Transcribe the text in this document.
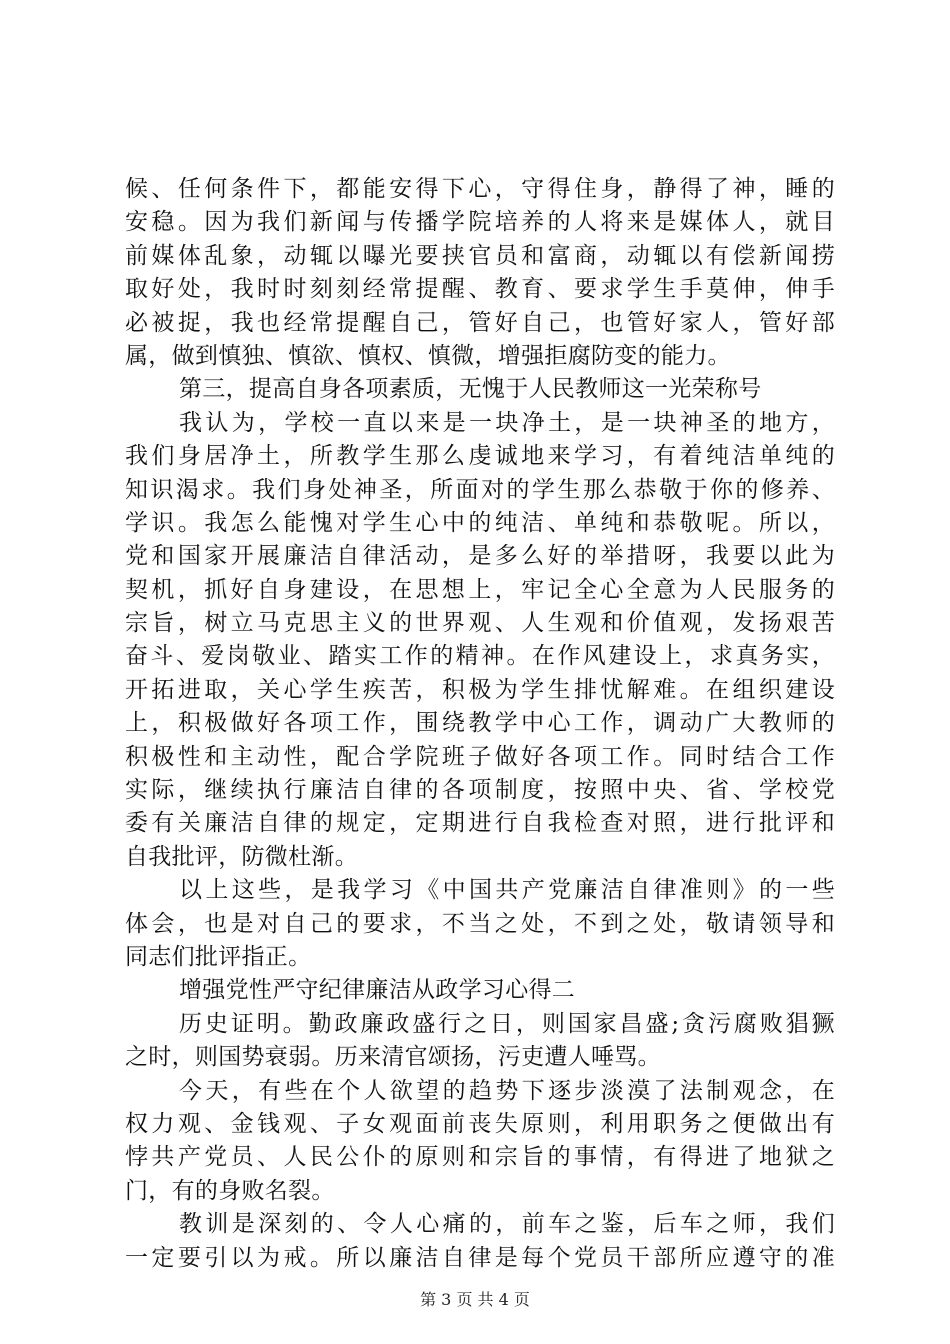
候、任何条件下，都能安得下心，守得住身，静得了神，睡的
安稳。因为我们新闻与传播学院培养的人将来是媒体人，就目
前媒体乱象，动辄以曝光要挟官员和富商，动辄以有偿新闻捞
取好处，我时时刻刻经常提醒、教育、要求学生手莫伸，伸手
必被捉，我也经常提醒自己，管好自己，也管好家人，管好部
属，做到慎独、慎欲、慎权、慎微，增强拒腐防变的能力。
第三，提高自身各项素质，无愧于人民教师这一光荣称号
我认为，学校一直以来是一块净土，是一块神圣的地方，
我们身居净土，所教学生那么虔诚地来学习，有着纯洁单纯的
知识渴求。我们身处神圣，所面对的学生那么恭敬于你的修养、
学识。我怎么能愧对学生心中的纯洁、单纯和恭敬呢。所以，
党和国家开展廉洁自律活动，是多么好的举措呀，我要以此为
契机，抓好自身建设，在思想上，牢记全心全意为人民服务的
宗旨，树立马克思主义的世界观、人生观和价值观，发扬艰苦
奋斗、爱岗敬业、踏实工作的精神。在作风建设上，求真务实，
开拓进取，关心学生疾苦，积极为学生排忧解难。在组织建设
上，积极做好各项工作，围绕教学中心工作，调动广大教师的
积极性和主动性，配合学院班子做好各项工作。同时结合工作
实际，继续执行廉洁自律的各项制度，按照中央、省、学校党
委有关廉洁自律的规定，定期进行自我检查对照，进行批评和
自我批评，防微杜渐。
以上这些，是我学习《中国共产党廉洁自律准则》的一些
体会，也是对自己的要求，不当之处，不到之处，敬请领导和
同志们批评指正。
增强党性严守纪律廉洁从政学习心得二
历史证明。勤政廉政盛行之日，则国家昌盛;贪污腐败猖獗
之时，则国势衰弱。历来清官颂扬，污吏遭人唾骂。
今天，有些在个人欲望的趋势下逐步淡漠了法制观念，在
权力观、金钱观、子女观面前丧失原则，利用职务之便做出有
悖共产党员、人民公仆的原则和宗旨的事情，有得进了地狱之
门，有的身败名裂。
教训是深刻的、令人心痛的，前车之鉴，后车之师，我们
一定要引以为戒。所以廉洁自律是每个党员干部所应遵守的准
第 3 页 共 4 页
